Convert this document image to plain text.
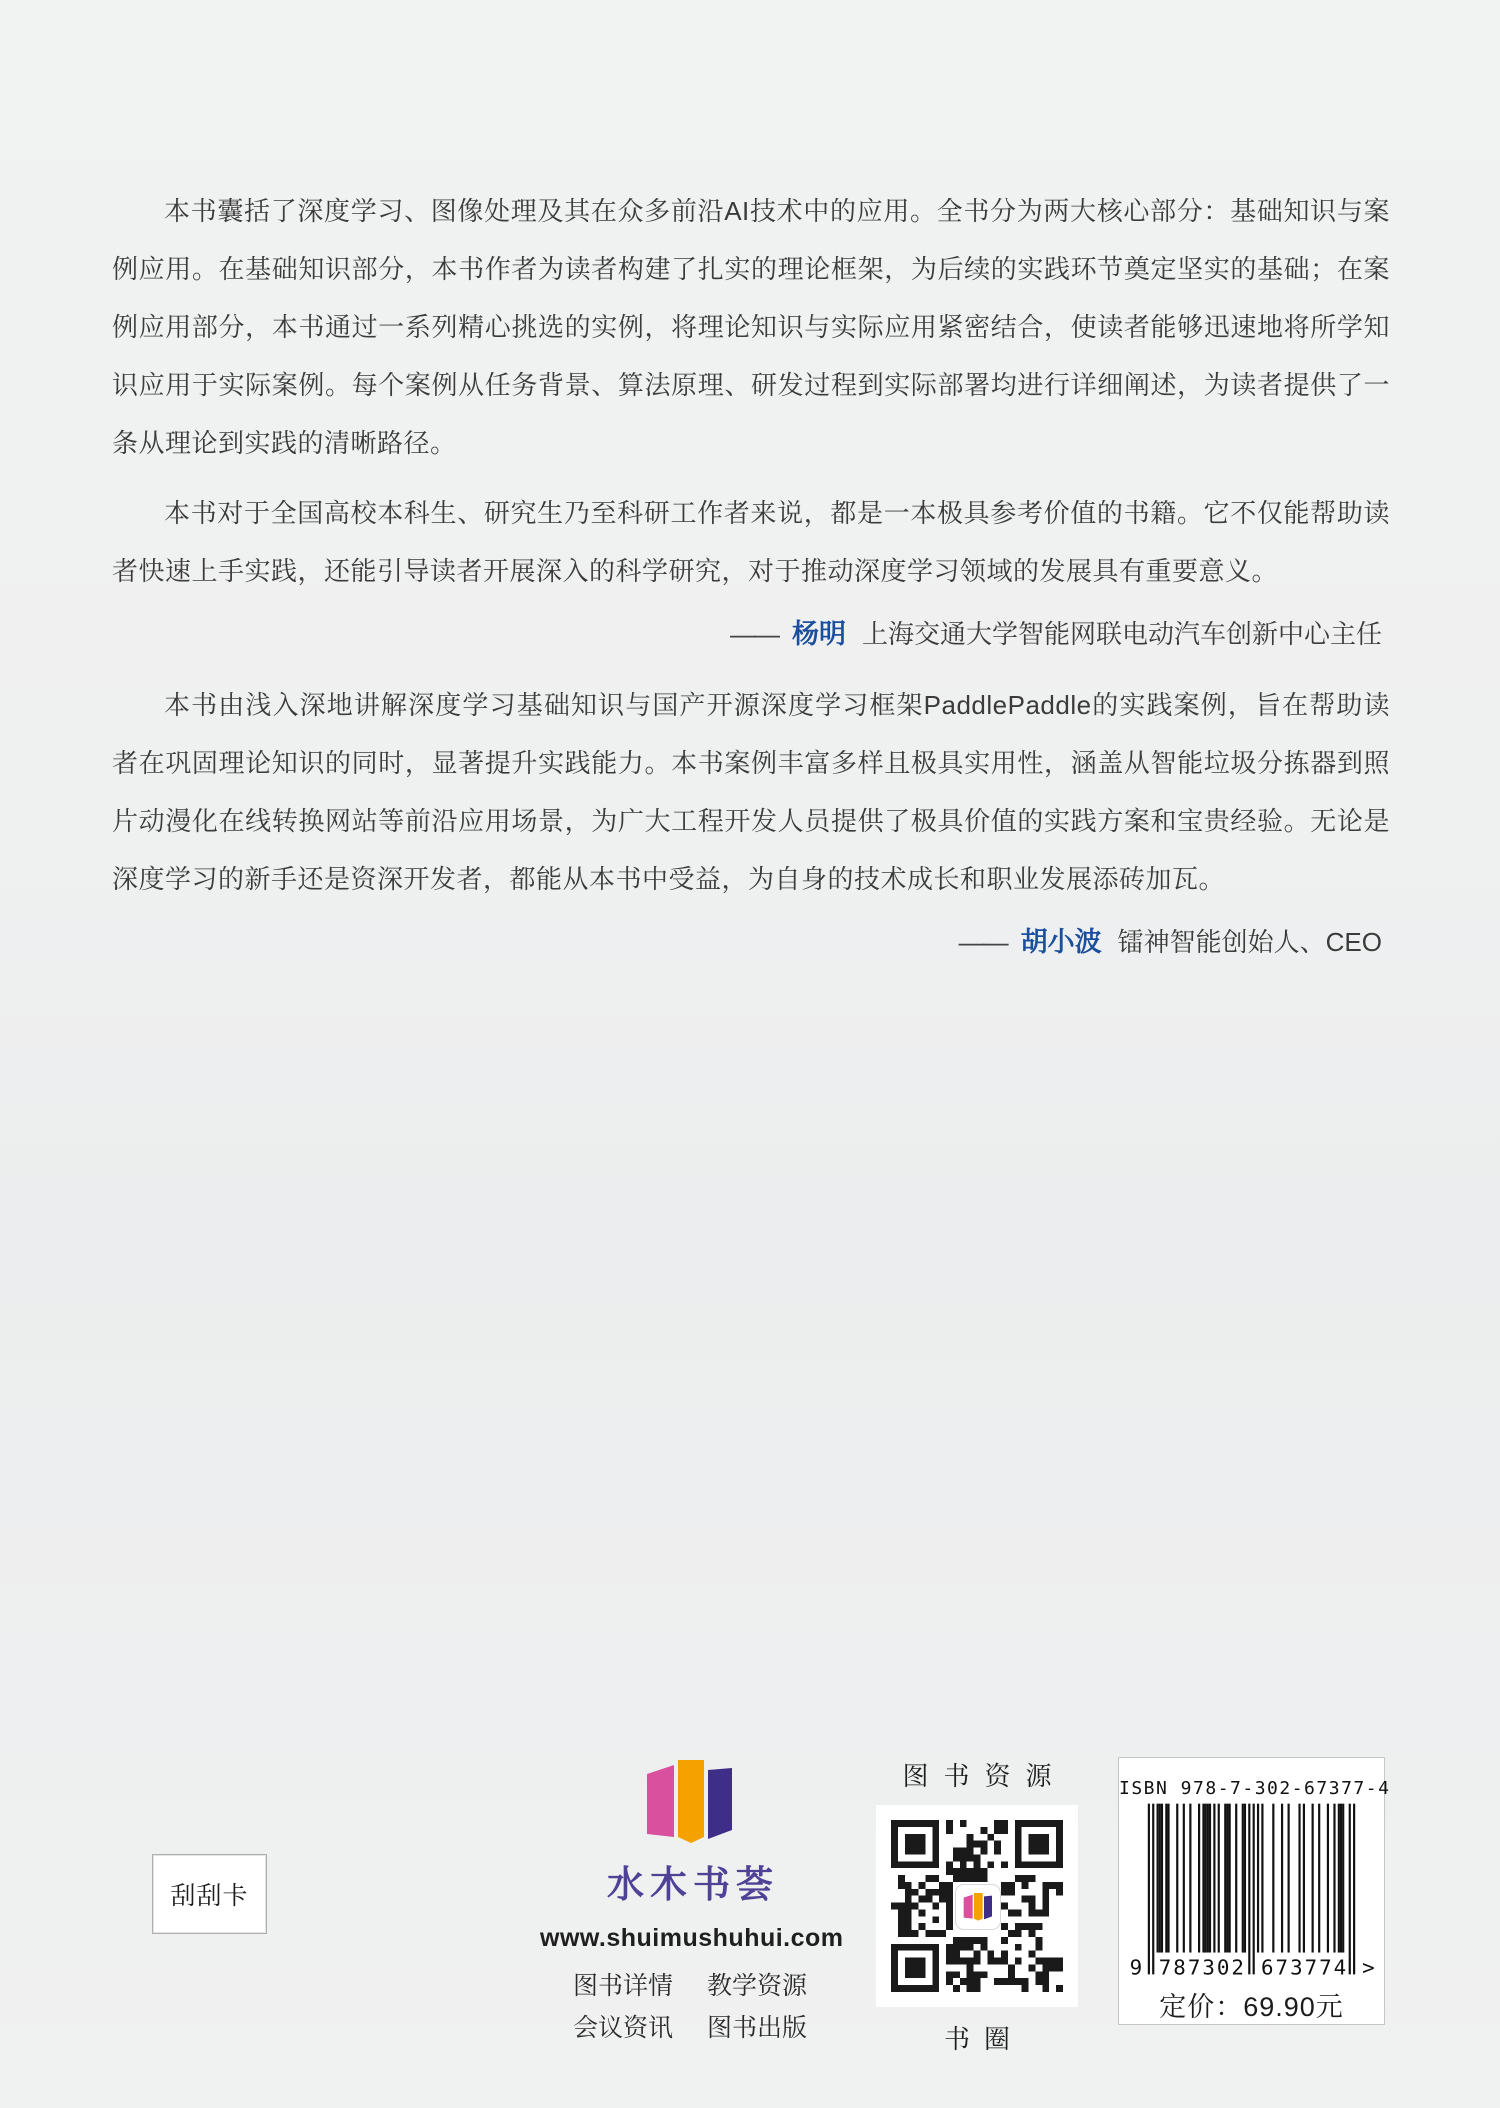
本书囊括了深度学习、图像处理及其在众多前沿AI技术中的应用。全书分为两大核心部分：基础知识与案例应用。在基础知识部分，本书作者为读者构建了扎实的理论框架，为后续的实践环节奠定坚实的基础；在案例应用部分，本书通过一系列精心挑选的实例，将理论知识与实际应用紧密结合，使读者能够迅速地将所学知识应用于实际案例。每个案例从任务背景、算法原理、研发过程到实际部署均进行详细阐述，为读者提供了一条从理论到实践的清晰路径。

本书对于全国高校本科生、研究生乃至科研工作者来说，都是一本极具参考价值的书籍。它不仅能帮助读者快速上手实践，还能引导读者开展深入的科学研究，对于推动深度学习领域的发展具有重要意义。

—— 杨明 上海交通大学智能网联电动汽车创新中心主任

本书由浅入深地讲解深度学习基础知识与国产开源深度学习框架PaddlePaddle的实践案例，旨在帮助读者在巩固理论知识的同时，显著提升实践能力。本书案例丰富多样且极具实用性，涵盖从智能垃圾分拣器到照片动漫化在线转换网站等前沿应用场景，为广大工程开发人员提供了极具价值的实践方案和宝贵经验。无论是深度学习的新手还是资深开发者，都能从本书中受益，为自身的技术成长和职业发展添砖加瓦。

—— 胡小波 镭神智能创始人、CEO
刮刮卡	水木书荟
www.shuimushuhui.com
图书详情 教学资源
会议资讯 图书出版
图书资源
书圈
ISBN 978-7-302-67377-4
9 787302 673774 >
定价：69.90元
